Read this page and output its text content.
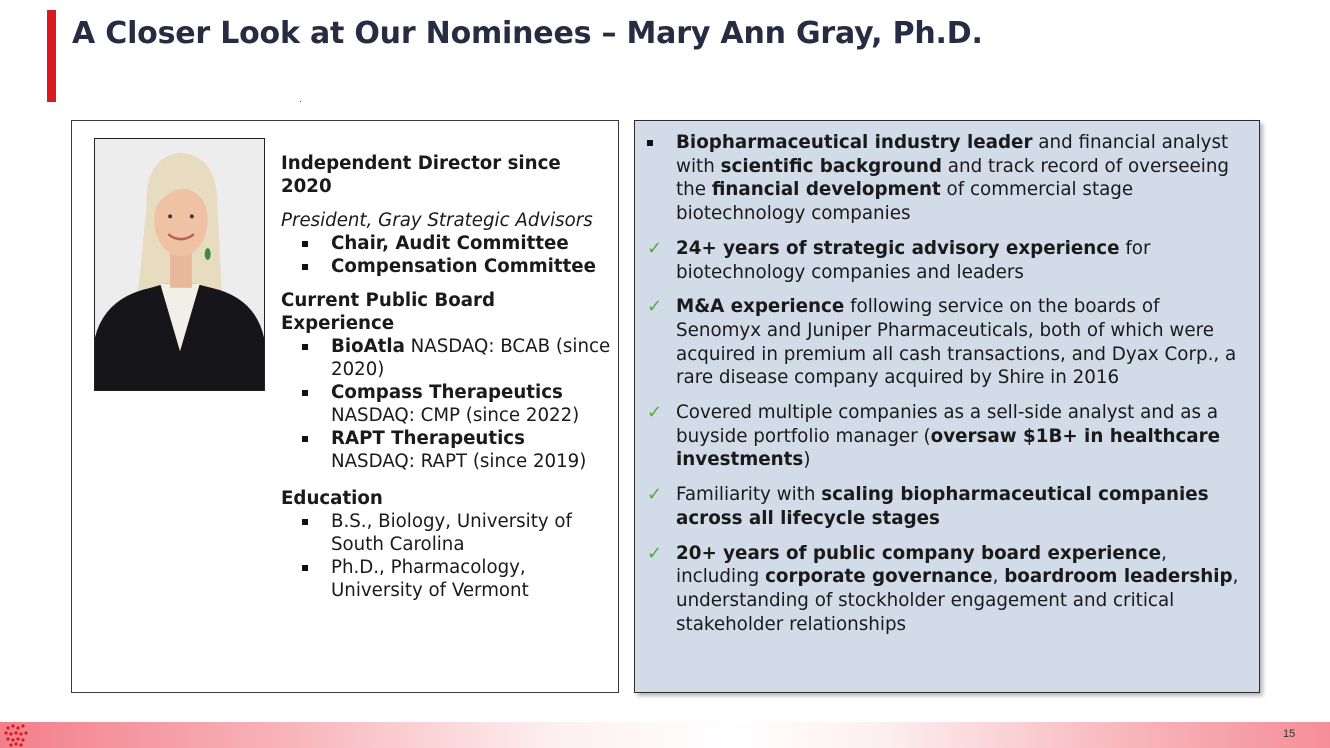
A Closer Look at Our Nominees – Mary Ann Gray, Ph.D.

Independent Director since 2020

President, Gray Strategic Advisors

Chair, Audit Committee
Compensation Committee

Current Public Board Experience

BioAtla NASDAQ: BCAB (since 2020)
Compass Therapeutics NASDAQ: CMP (since 2022)
RAPT Therapeutics NASDAQ: RAPT (since 2019)

Education

B.S., Biology, University of South Carolina
Ph.D., Pharmacology, University of Vermont
Biopharmaceutical industry leader and financial analyst with scientific background and track record of overseeing the financial development of commercial stage biotechnology companies
✓ 24+ years of strategic advisory experience for biotechnology companies and leaders
✓ M&A experience following service on the boards of Senomyx and Juniper Pharmaceuticals, both of which were acquired in premium all cash transactions, and Dyax Corp., a rare disease company acquired by Shire in 2016
✓ Covered multiple companies as a sell-side analyst and as a buyside portfolio manager (oversaw $1B+ in healthcare investments)
✓ Familiarity with scaling biopharmaceutical companies across all lifecycle stages
✓ 20+ years of public company board experience, including corporate governance, boardroom leadership, understanding of stockholder engagement and critical stakeholder relationships
15
